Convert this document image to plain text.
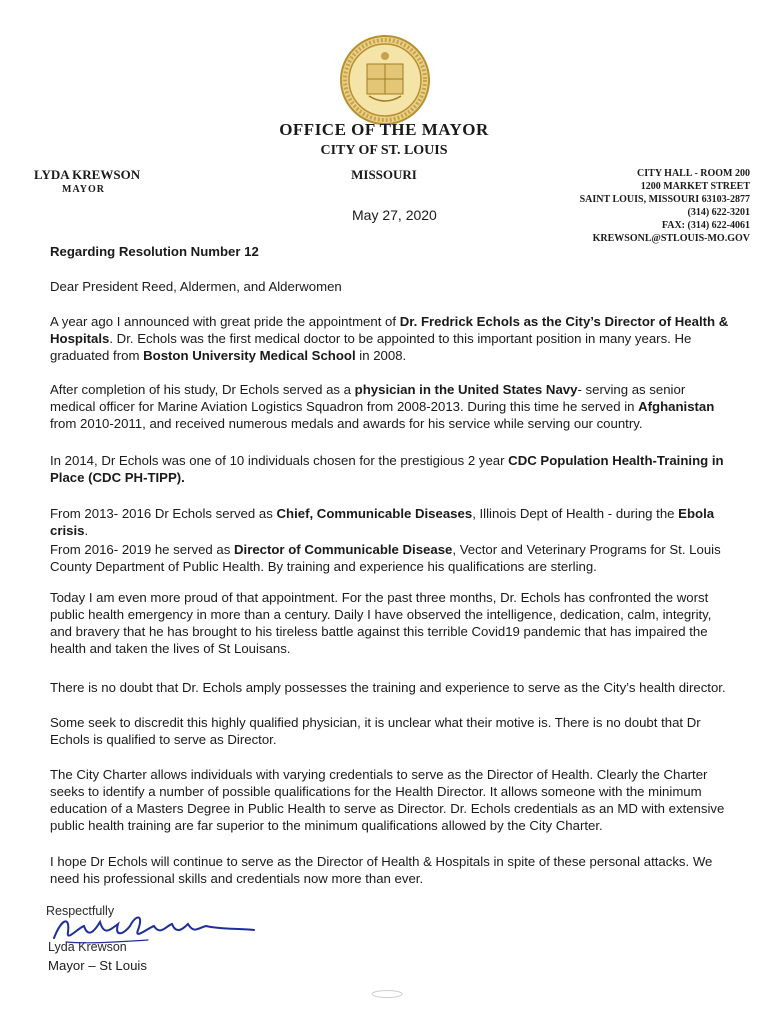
OFFICE OF THE MAYOR
CITY OF ST. LOUIS
MISSOURI
LYDA KREWSON
MAYOR
CITY HALL - ROOM 200
1200 MARKET STREET
SAINT LOUIS, MISSOURI 63103-2877
(314) 622-3201
FAX: (314) 622-4061
KREWSONL@STLOUIS-MO.GOV
May 27, 2020

Regarding Resolution Number 12

Dear President Reed, Aldermen, and Alderwomen

A year ago I announced with great pride the appointment of Dr. Fredrick Echols as the City’s Director of Health & Hospitals. Dr. Echols was the first medical doctor to be appointed to this important position in many years. He graduated from Boston University Medical School in 2008.

After completion of his study, Dr Echols served as a physician in the United States Navy- serving as senior medical officer for Marine Aviation Logistics Squadron from 2008-2013. During this time he served in Afghanistan from 2010-2011, and received numerous medals and awards for his service while serving our country.

In 2014, Dr Echols was one of 10 individuals chosen for the prestigious 2 year CDC Population Health-Training in Place (CDC PH-TIPP).

From 2013- 2016 Dr Echols served as Chief, Communicable Diseases, Illinois Dept of Health - during the Ebola crisis.

From 2016- 2019 he served as Director of Communicable Disease, Vector and Veterinary Programs for St. Louis County Department of Public Health. By training and experience his qualifications are sterling.

Today I am even more proud of that appointment. For the past three months, Dr. Echols has confronted the worst public health emergency in more than a century. Daily I have observed the intelligence, dedication, calm, integrity, and bravery that he has brought to his tireless battle against this terrible Covid19 pandemic that has impaired the health and taken the lives of St Louisans.
There is no doubt that Dr. Echols amply possesses the training and experience to serve as the City’s health director.
Some seek to discredit this highly qualified physician, it is unclear what their motive is. There is no doubt that Dr Echols is qualified to serve as Director.
The City Charter allows individuals with varying credentials to serve as the Director of Health. Clearly the Charter seeks to identify a number of possible qualifications for the Health Director. It allows someone with the minimum education of a Masters Degree in Public Health to serve as Director. Dr. Echols credentials as an MD with extensive public health training are far superior to the minimum qualifications allowed by the City Charter.
I hope Dr Echols will continue to serve as the Director of Health & Hospitals in spite of these personal attacks. We need his professional skills and credentials now more than ever.
Respectfully
Lyda Krewson
Mayor – St Louis
